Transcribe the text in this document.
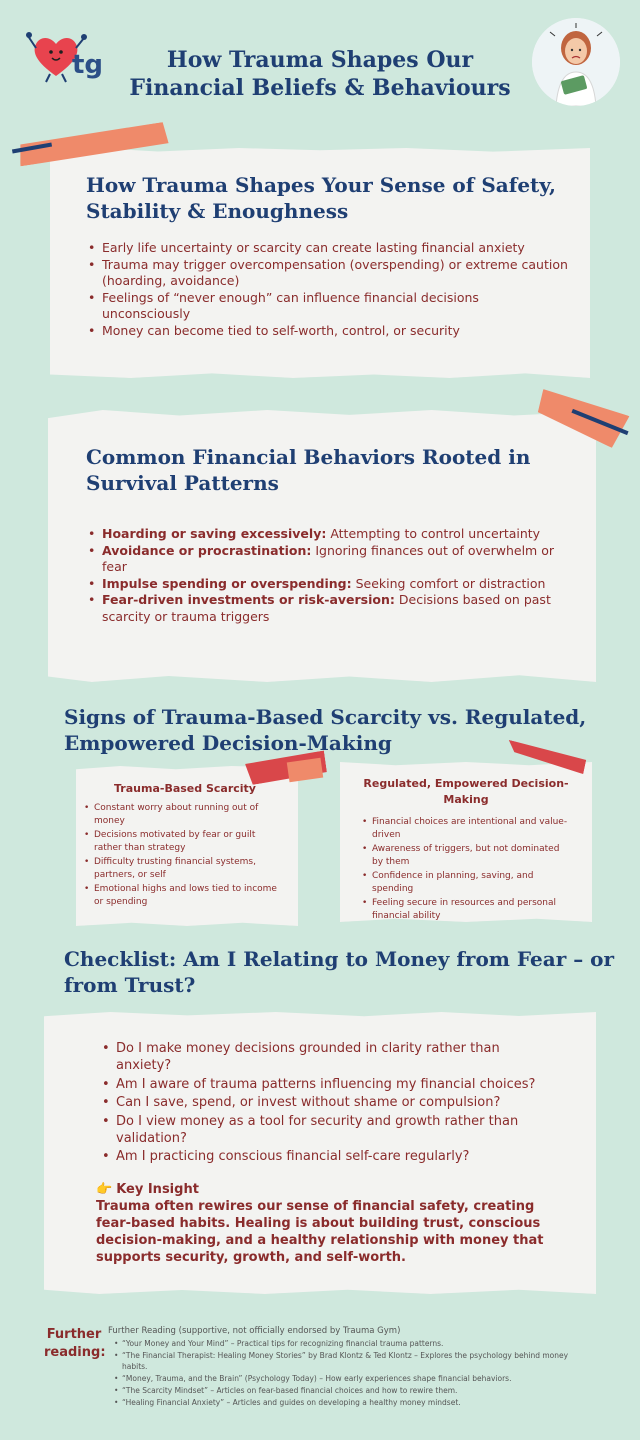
tg	How Trauma Shapes Our
Financial Beliefs & Behaviours
How Trauma Shapes Your Sense of Safety, Stability & Enoughness
• Early life uncertainty or scarcity can create lasting financial anxiety
• Trauma may trigger overcompensation (overspending) or extreme caution (hoarding, avoidance)
• Feelings of “never enough” can influence financial decisions unconsciously
• Money can become tied to self-worth, control, or security
Common Financial Behaviors Rooted in Survival Patterns
• Hoarding or saving excessively: Attempting to control uncertainty
• Avoidance or procrastination: Ignoring finances out of overwhelm or fear
• Impulse spending or overspending: Seeking comfort or distraction
• Fear-driven investments or risk-aversion: Decisions based on past scarcity or trauma triggers
Signs of Trauma-Based Scarcity vs. Regulated, Empowered Decision-Making
Trauma-Based Scarcity
• Constant worry about running out of money
• Decisions motivated by fear or guilt rather than strategy
• Difficulty trusting financial systems, partners, or self
• Emotional highs and lows tied to income or spending
Regulated, Empowered Decision-Making
• Financial choices are intentional and value-driven
• Awareness of triggers, but not dominated by them
• Confidence in planning, saving, and spending
• Feeling secure in resources and personal financial ability
Checklist: Am I Relating to Money from Fear – or from Trust?
• Do I make money decisions grounded in clarity rather than anxiety?
• Am I aware of trauma patterns influencing my financial choices?
• Can I save, spend, or invest without shame or compulsion?
• Do I view money as a tool for security and growth rather than validation?
• Am I practicing conscious financial self-care regularly?
👉 Key Insight
Trauma often rewires our sense of financial safety, creating fear-based habits. Healing is about building trust, conscious decision-making, and a healthy relationship with money that supports security, growth, and self-worth.
Further reading:
Further Reading (supportive, not officially endorsed by Trauma Gym)
• “Your Money and Your Mind” – Practical tips for recognizing financial trauma patterns.
• “The Financial Therapist: Healing Money Stories” by Brad Klontz & Ted Klontz – Explores the psychology behind money habits.
• “Money, Trauma, and the Brain” (Psychology Today) – How early experiences shape financial behaviors.
• “The Scarcity Mindset” – Articles on fear-based financial choices and how to rewire them.
• “Healing Financial Anxiety” – Articles and guides on developing a healthy money mindset.
